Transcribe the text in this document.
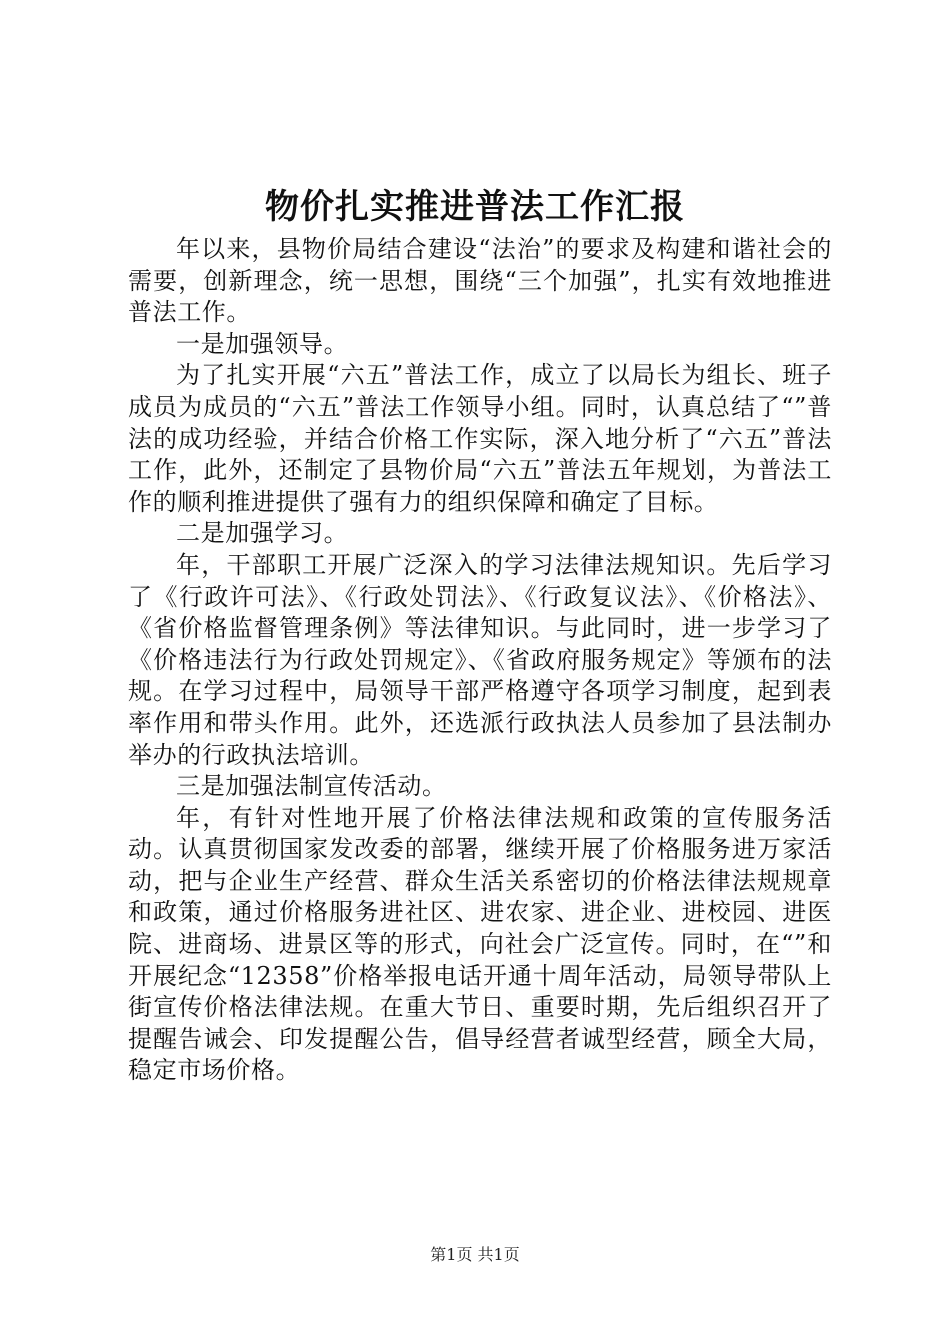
物价扎实推进普法工作汇报

年以来，县物价局结合建设“法治”的要求及构建和谐社会的需要，创新理念，统一思想，围绕“三个加强”，扎实有效地推进普法工作。

一是加强领导。

为了扎实开展“六五”普法工作，成立了以局长为组长、班子成员为成员的“六五”普法工作领导小组。同时，认真总结了“”普法的成功经验，并结合价格工作实际，深入地分析了“六五”普法工作，此外，还制定了县物价局“六五”普法五年规划，为普法工作的顺利推进提供了强有力的组织保障和确定了目标。

二是加强学习。

年，干部职工开展广泛深入的学习法律法规知识。先后学习了《行政许可法》、《行政处罚法》、《行政复议法》、《价格法》、《省价格监督管理条例》等法律知识。与此同时，进一步学习了《价格违法行为行政处罚规定》、《省政府服务规定》等颁布的法规。在学习过程中，局领导干部严格遵守各项学习制度，起到表率作用和带头作用。此外，还选派行政执法人员参加了县法制办举办的行政执法培训。

三是加强法制宣传活动。

年，有针对性地开展了价格法律法规和政策的宣传服务活动。认真贯彻国家发改委的部署，继续开展了价格服务进万家活动，把与企业生产经营、群众生活关系密切的价格法律法规规章和政策，通过价格服务进社区、进农家、进企业、进校园、进医院、进商场、进景区等的形式，向社会广泛宣传。同时，在“”和开展纪念“12358”价格举报电话开通十周年活动，局领导带队上街宣传价格法律法规。在重大节日、重要时期，先后组织召开了提醒告诫会、印发提醒公告，倡导经营者诚型经营，顾全大局，稳定市场价格。

第1页 共1页
